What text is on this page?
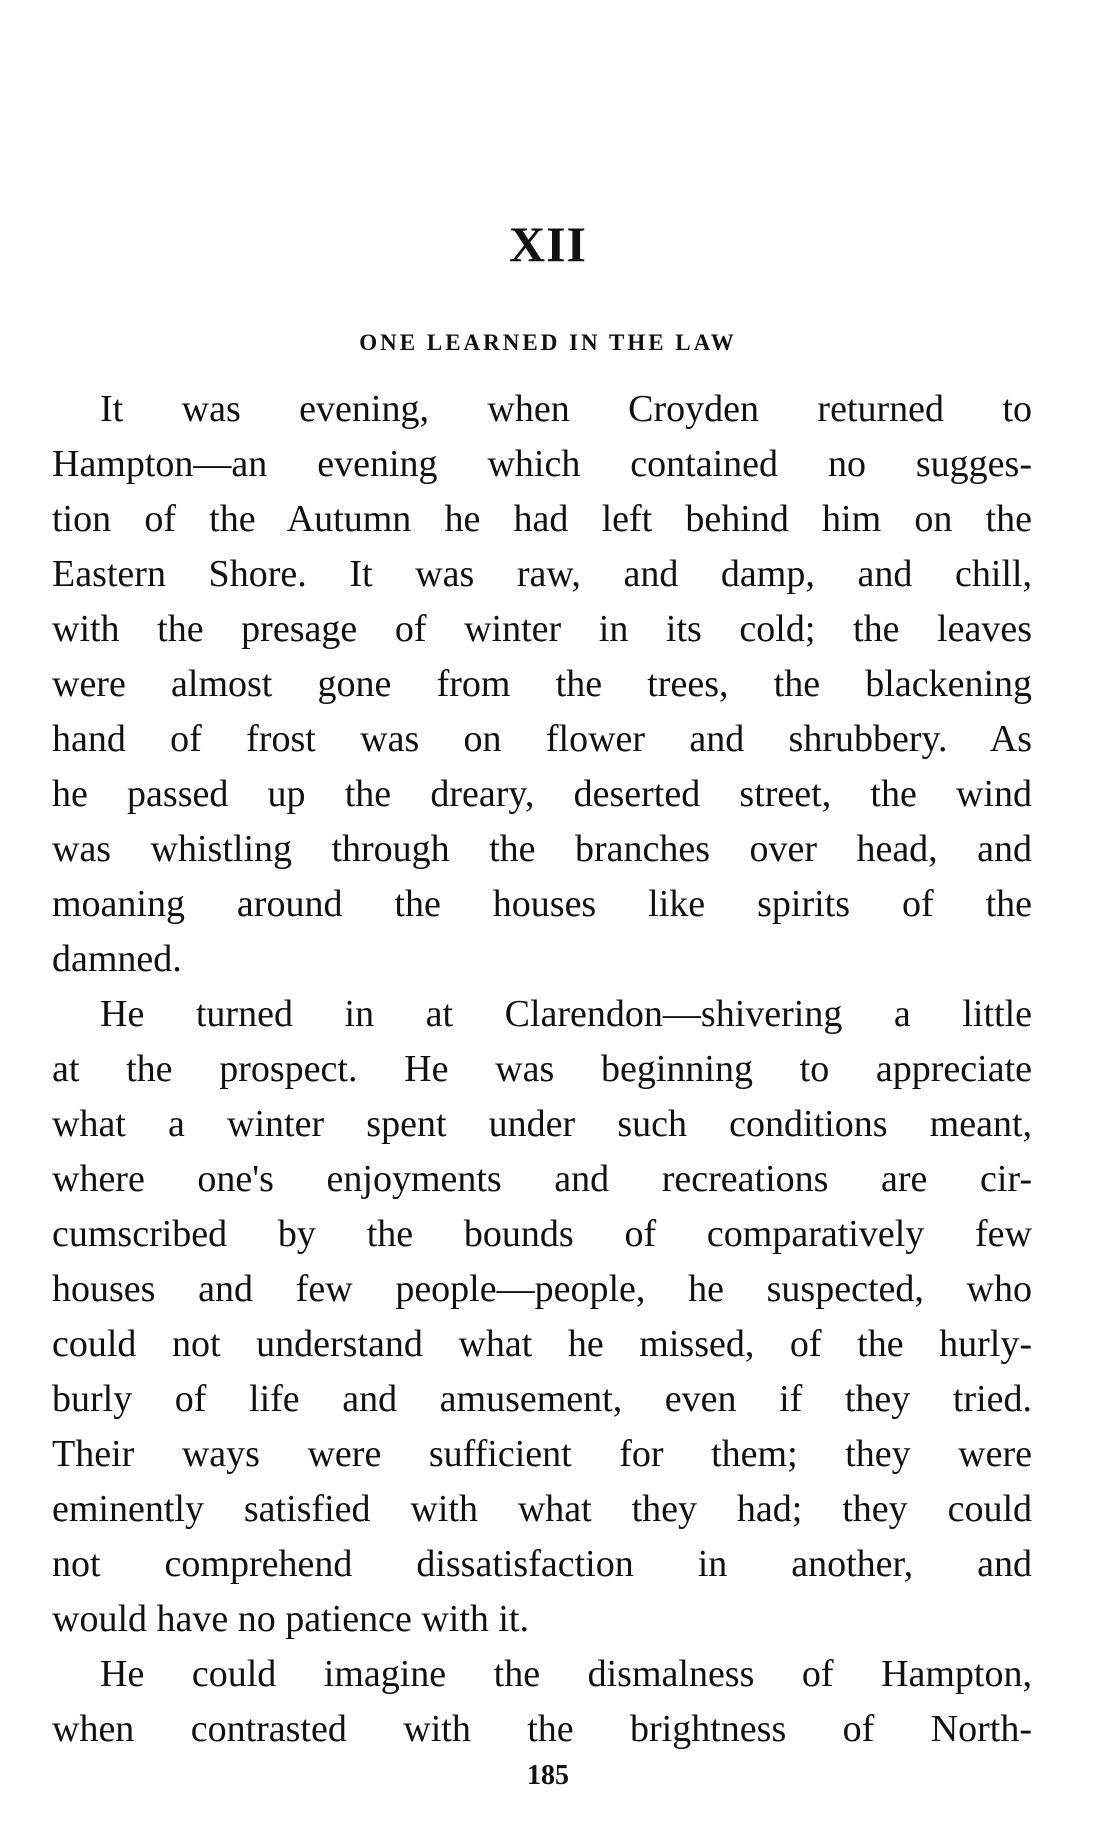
XII
ONE LEARNED IN THE LAW
It was evening, when Croyden returned to
Hampton—an evening which contained no sugges-
tion of the Autumn he had left behind him on the
Eastern Shore. It was raw, and damp, and chill,
with the presage of winter in its cold; the leaves
were almost gone from the trees, the blackening
hand of frost was on flower and shrubbery. As
he passed up the dreary, deserted street, the wind
was whistling through the branches over head, and
moaning around the houses like spirits of the
damned.
He turned in at Clarendon—shivering a little
at the prospect. He was beginning to appreciate
what a winter spent under such conditions meant,
where one's enjoyments and recreations are cir-
cumscribed by the bounds of comparatively few
houses and few people—people, he suspected, who
could not understand what he missed, of the hurly-
burly of life and amusement, even if they tried.
Their ways were sufficient for them; they were
eminently satisfied with what they had; they could
not comprehend dissatisfaction in another, and
would have no patience with it.
He could imagine the dismalness of Hampton,
when contrasted with the brightness of North-
185
